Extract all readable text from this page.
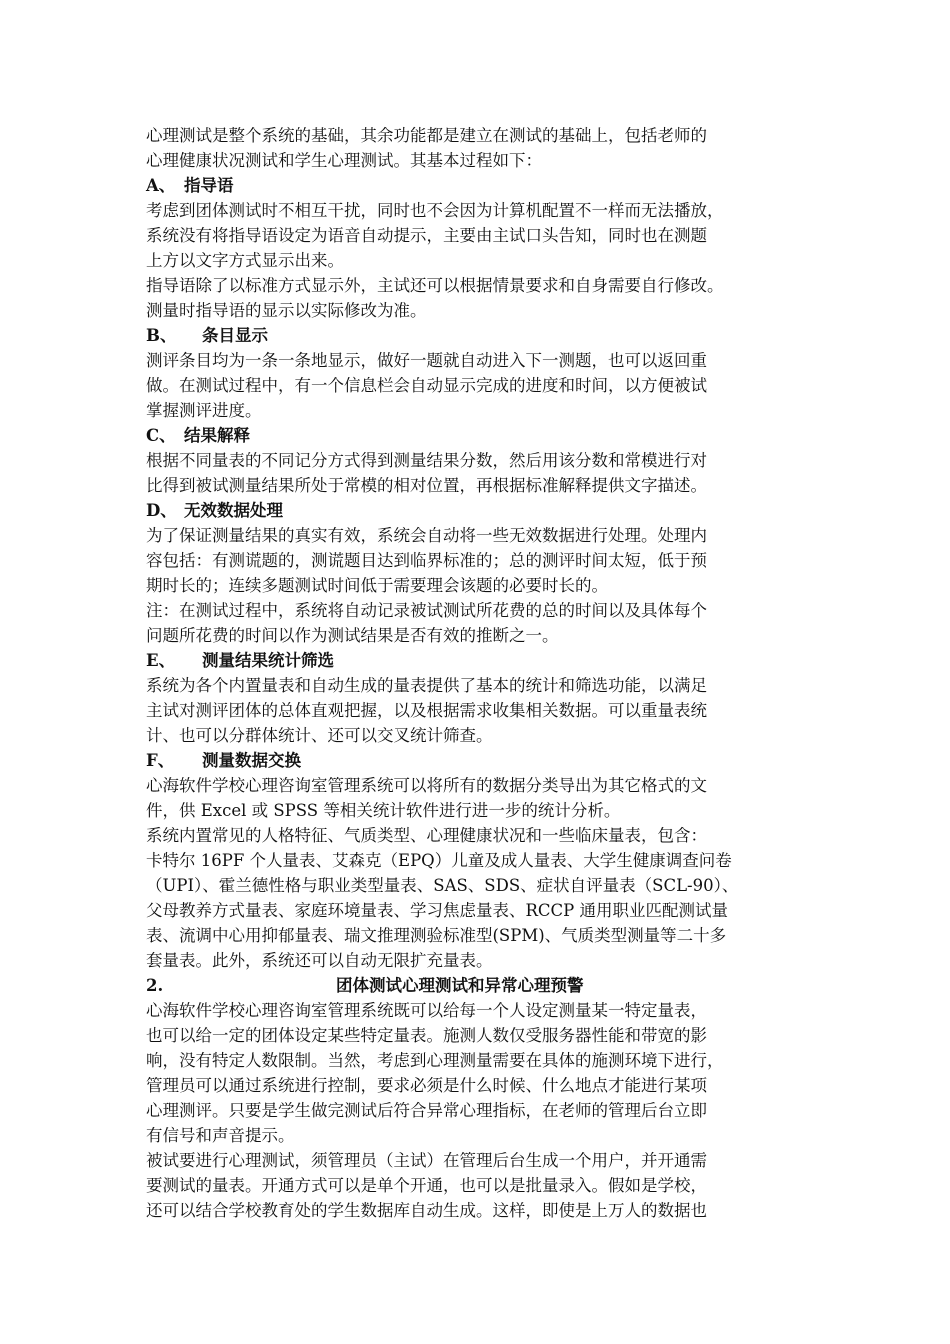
心理测试是整个系统的基础，其余功能都是建立在测试的基础上，包括老师的
心理健康状况测试和学生心理测试。其基本过程如下：
A、 指导语
考虑到团体测试时不相互干扰，同时也不会因为计算机配置不一样而无法播放，
系统没有将指导语设定为语音自动提示，主要由主试口头告知，同时也在测题
上方以文字方式显示出来。
指导语除了以标准方式显示外，主试还可以根据情景要求和自身需要自行修改。
测量时指导语的显示以实际修改为准。
B、 条目显示
测评条目均为一条一条地显示，做好一题就自动进入下一测题，也可以返回重
做。在测试过程中，有一个信息栏会自动显示完成的进度和时间，以方便被试
掌握测评进度。
C、 结果解释
根据不同量表的不同记分方式得到测量结果分数，然后用该分数和常模进行对
比得到被试测量结果所处于常模的相对位置，再根据标准解释提供文字描述。
D、 无效数据处理
为了保证测量结果的真实有效，系统会自动将一些无效数据进行处理。处理内
容包括：有测谎题的，测谎题目达到临界标准的；总的测评时间太短，低于预
期时长的；连续多题测试时间低于需要理会该题的必要时长的。
注：在测试过程中，系统将自动记录被试测试所花费的总的时间以及具体每个
问题所花费的时间以作为测试结果是否有效的推断之一。
E、 测量结果统计筛选
系统为各个内置量表和自动生成的量表提供了基本的统计和筛选功能，以满足
主试对测评团体的总体直观把握，以及根据需求收集相关数据。可以重量表统
计、也可以分群体统计、还可以交叉统计筛查。
F、 测量数据交换
心海软件学校心理咨询室管理系统可以将所有的数据分类导出为其它格式的文
件，供 Excel 或 SPSS 等相关统计软件进行进一步的统计分析。
系统内置常见的人格特征、气质类型、心理健康状况和一些临床量表，包含：
卡特尔 16PF 个人量表、艾森克（EPQ）儿童及成人量表、大学生健康调查问卷
（UPI）、霍兰德性格与职业类型量表、SAS、SDS、症状自评量表（SCL-90）、
父母教养方式量表、家庭环境量表、学习焦虑量表、RCCP 通用职业匹配测试量
表、流调中心用抑郁量表、瑞文推理测验标准型(SPM)、气质类型测量等二十多
套量表。此外，系统还可以自动无限扩充量表。
2.	团体测试心理测试和异常心理预警
心海软件学校心理咨询室管理系统既可以给每一个人设定测量某一特定量表，
也可以给一定的团体设定某些特定量表。施测人数仅受服务器性能和带宽的影
响，没有特定人数限制。当然，考虑到心理测量需要在具体的施测环境下进行，
管理员可以通过系统进行控制，要求必须是什么时候、什么地点才能进行某项
心理测评。只要是学生做完测试后符合异常心理指标，在老师的管理后台立即
有信号和声音提示。
被试要进行心理测试，须管理员（主试）在管理后台生成一个用户，并开通需
要测试的量表。开通方式可以是单个开通，也可以是批量录入。假如是学校，
还可以结合学校教育处的学生数据库自动生成。这样，即使是上万人的数据也
